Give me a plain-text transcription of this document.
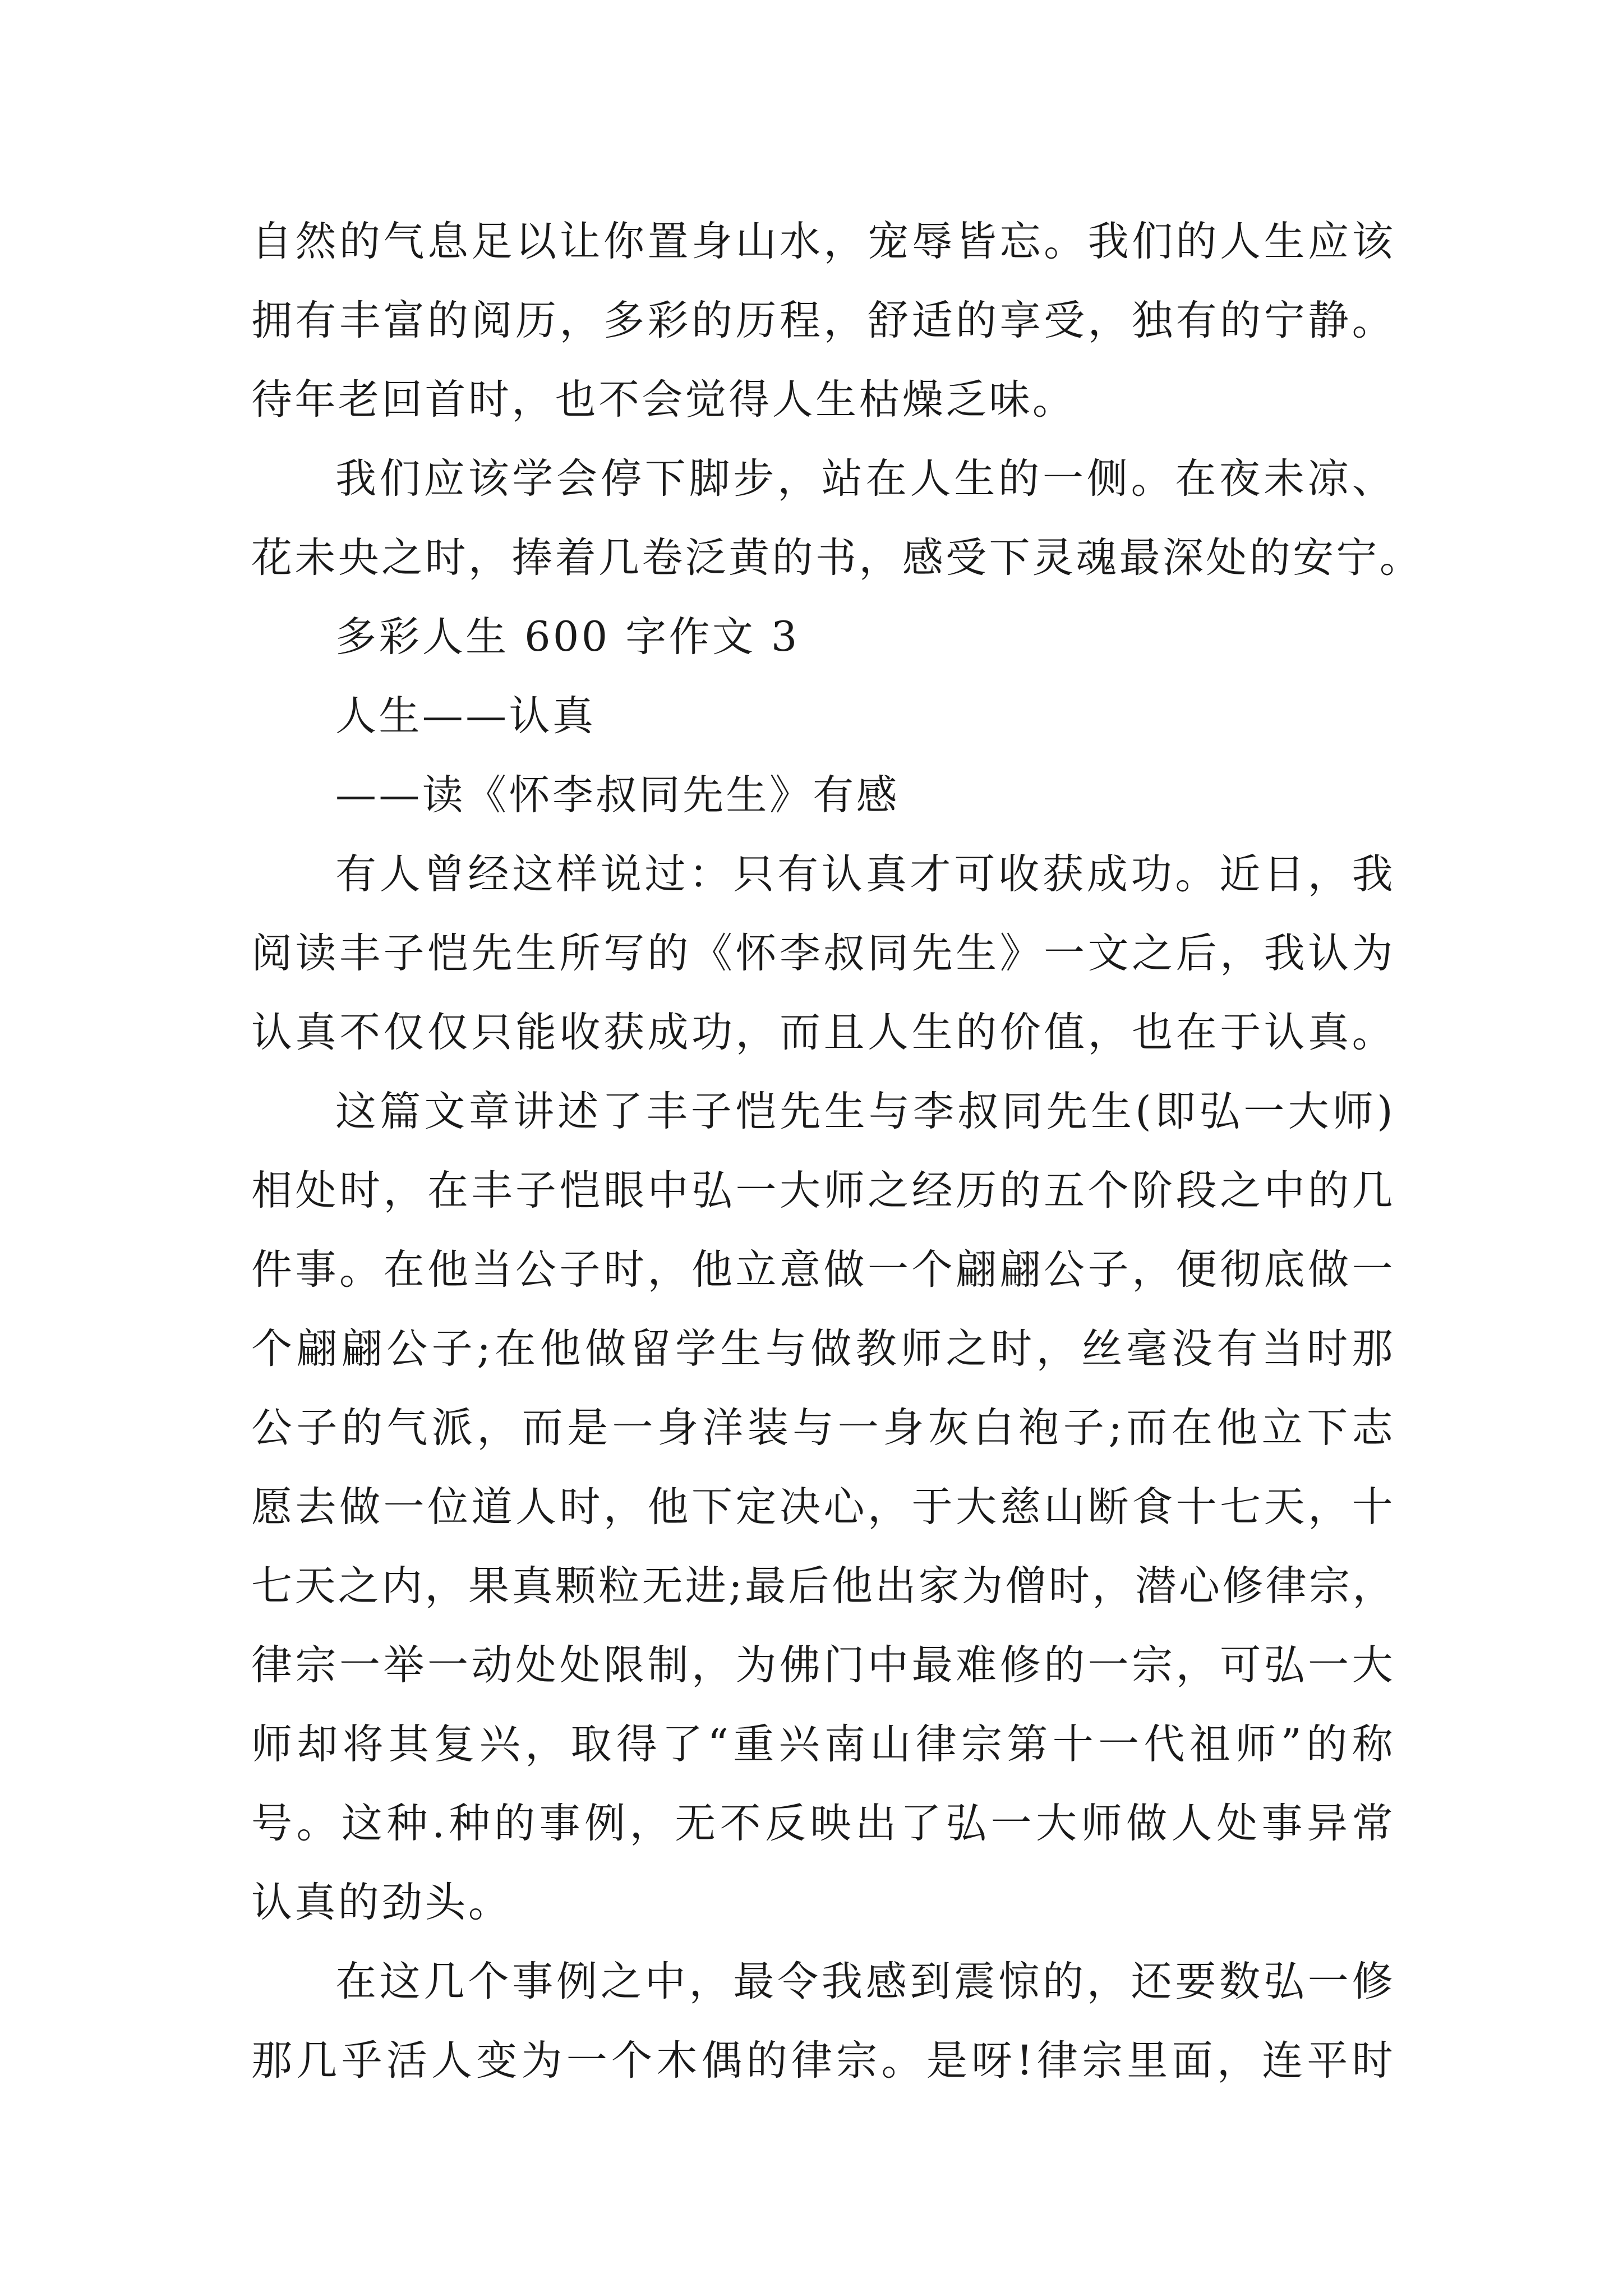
自然的气息足以让你置身山水，宠辱皆忘。我们的人生应该
拥有丰富的阅历，多彩的历程，舒适的享受，独有的宁静。
待年老回首时，也不会觉得人生枯燥乏味。
我们应该学会停下脚步，站在人生的一侧。在夜未凉、
花未央之时，捧着几卷泛黄的书，感受下灵魂最深处的安宁。
多彩人生 600 字作文 3
人生——认真
——读《怀李叔同先生》有感
有人曾经这样说过：只有认真才可收获成功。近日，我
阅读丰子恺先生所写的《怀李叔同先生》一文之后，我认为
认真不仅仅只能收获成功，而且人生的价值，也在于认真。
这篇文章讲述了丰子恺先生与李叔同先生(即弘一大师)
相处时，在丰子恺眼中弘一大师之经历的五个阶段之中的几
件事。在他当公子时，他立意做一个翩翩公子，便彻底做一
个翩翩公子;在他做留学生与做教师之时，丝毫没有当时那
公子的气派，而是一身洋装与一身灰白袍子;而在他立下志
愿去做一位道人时，他下定决心，于大慈山断食十七天，十
七天之内，果真颗粒无进;最后他出家为僧时，潜心修律宗，
律宗一举一动处处限制，为佛门中最难修的一宗，可弘一大
师却将其复兴，取得了“重兴南山律宗第十一代祖师”的称
号。这种.种的事例，无不反映出了弘一大师做人处事异常
认真的劲头。
在这几个事例之中，最令我感到震惊的，还要数弘一修
那几乎活人变为一个木偶的律宗。是呀!律宗里面，连平时
